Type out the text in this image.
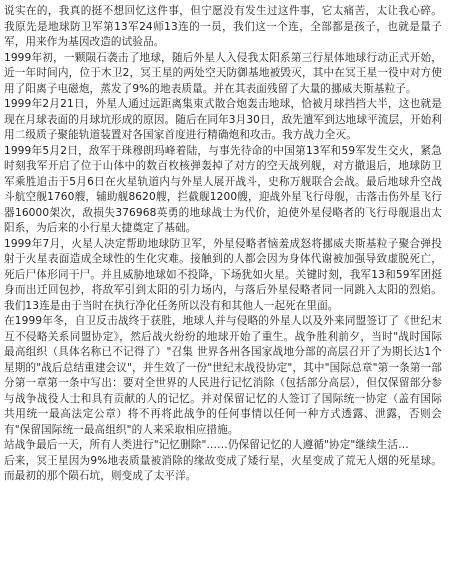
说实在的，我真的挺不想回忆这件事，但宁愿没有发生过这件事，它太痛苦，太让我心碎。我原先是地球防卫军第13军24师13连的一员，我们这一个连，全部都是孩子，也就是量子军，用来作为基因改造的试验品。

1999年初，一颗陨石袭击了地球，随后外星人入侵我太阳系第三行星体地球行动正式开始，近一年时间内，位于木卫2，冥王星的两处空天防御基地被毁灭，其中在冥王星一役中对方使用了阳离子电磁炮，蒸发了9%的地表质量。并在其表面残留了大量的挪威夫斯基粒子。

1999年2月21日，外星人通过远距离集束式散合炮轰击地球，恰被月球挡挡大半，这也就是现在月球表面的月球坑形成的原因。随后在同年3月30日，敌先遣军到达地球平流层，开始利用二级质子聚能轨道装置对各国家首度进行精确炮和攻击。我方战力全灭。

1999年5月2日，敌军于珠穆朗玛峰着陆，与事先待命的中国第13军和59军发生交火，紧急时刻我军开启了位于山体中的数百枚核弹轰掉了对方的空天战列舰，对方撤退后，地球防卫军乘胜追击于5月6日在火星轨道内与外星人展开战斗，史称万舰联合会战。最后地球升空战斗航空舰1760艘，辅助舰8620艘，拦截舰1200艘，迎战外星飞行母舰，击落击伤外星飞行器16000架次，敌损失376968英勇的地球战士为代价，迫使外星侵略者的飞行母舰退出太阳系，为后来的小行星大捷奠定了基础。

1999年7月，火星人决定帮助地球防卫军，外星侵略者恼羞成怒将挪威夫斯基粒子聚合弹投射于火星表面造成全球性的生化灾难。接触到的人都会因为身体代谢被加强导致虚脱死亡，死后尸体形同干尸。并且威胁地球如不投降，下场犹如火星。关键时刻，我军13和59军团挺身而出迁回包抄，将敌军引到太阳的引力场内，与落后外星侵略者同一同跳入太阳的烈焰。我们13连是由于当时在执行净化任务所以没有和其他人一起死在里面。

在1999年冬，自卫反击战终于获胜，地球人并与侵略的外星人以及外来同盟签订了《世纪末互不侵略关系同盟协定》，然后战火纷纷的地球开始了重生。战争胜利前夕，当时"战时国际最高组织（具体名称已不记得了）"召集 世界各州各国家战地分部的高层召开了为期长达1个星期的"战后总结重建会议"，并生效了一份"世纪末战役协定"，其中"国际总章"第一条第一部分第一章第一条中写出：要对全世界的人民进行记忆消除（包括部分高层），但仅保留部分参与战争战役人士和具有贡献的人的记忆。并对保留记忆的人签订了国际统一协定（盖有国际共用统一最高法定公章）将不再将此战争的任何事情以任何一种方式透露、泄露，否则会有"保留国际统一最高组织"的人来采取相应措施。

站战争最后一天，所有人类进行"记忆删除"……仍保留记忆的人遵循"协定"继续生活…

后来，冥王星因为9%地表质量被消除的缘故变成了矮行星，火星变成了荒无人烟的死星球。而最初的那个陨石坑，则变成了太平洋。
